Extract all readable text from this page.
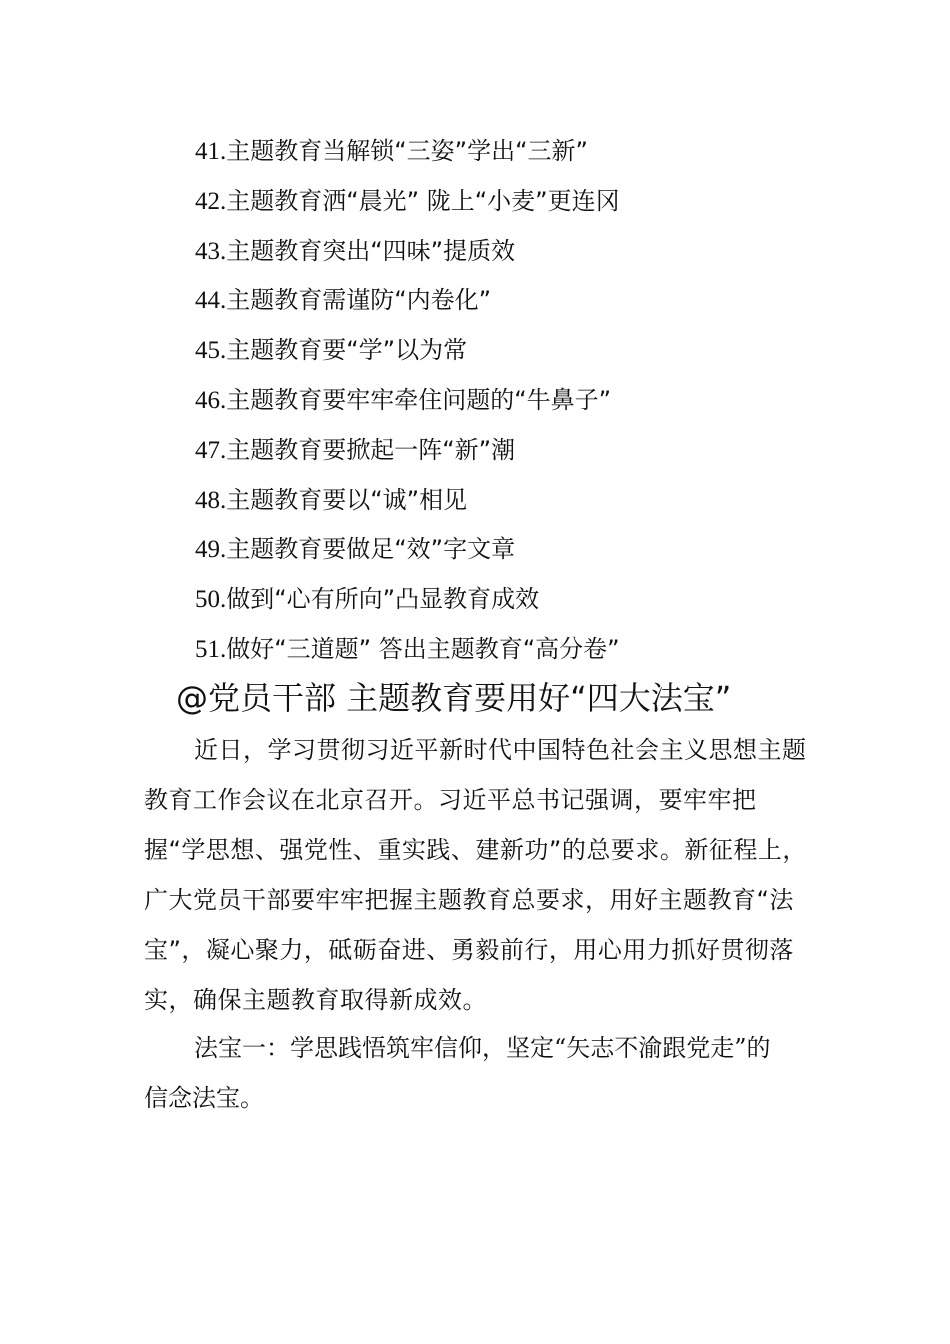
41.主题教育当解锁“三姿”学出“三新”
42.主题教育洒“晨光” 陇上“小麦”更连冈
43.主题教育突出“四味”提质效
44.主题教育需谨防“内卷化”
45.主题教育要“学”以为常
46.主题教育要牢牢牵住问题的“牛鼻子”
47.主题教育要掀起一阵“新”潮
48.主题教育要以“诚”相见
49.主题教育要做足“效”字文章
50.做到“心有所向”凸显教育成效
51.做好“三道题” 答出主题教育“高分卷”
@党员干部 主题教育要用好“四大法宝”

近日，学习贯彻习近平新时代中国特色社会主义思想主题教育工作会议在北京召开。习近平总书记强调，要牢牢把握“学思想、强党性、重实践、建新功”的总要求。新征程上，广大党员干部要牢牢把握主题教育总要求，用好主题教育“法宝”，凝心聚力，砥砺奋进、勇毅前行，用心用力抓好贯彻落实，确保主题教育取得新成效。

法宝一：学思践悟筑牢信仰，坚定“矢志不渝跟党走”的信念法宝。
